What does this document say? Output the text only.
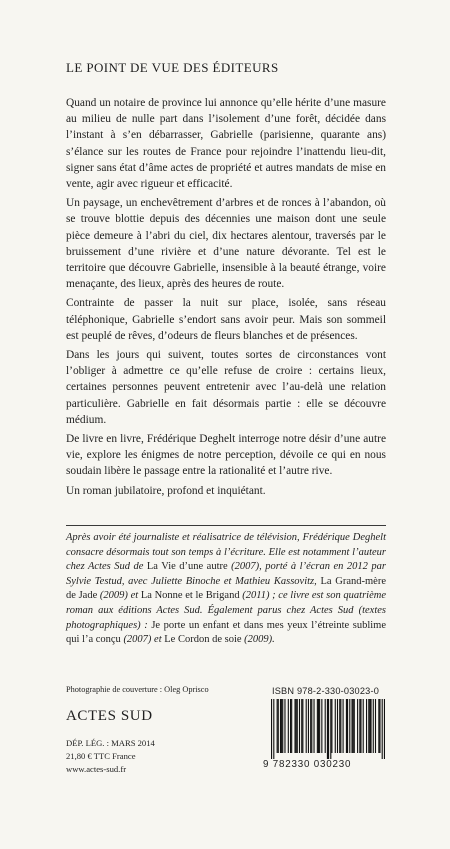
LE POINT DE VUE DES ÉDITEURS

Quand un notaire de province lui annonce qu’elle hérite d’une masure au milieu de nulle part dans l’isolement d’une forêt, décidée dans l’instant à s’en débarrasser, Gabrielle (parisienne, quarante ans) s’élance sur les routes de France pour rejoindre l’inattendu lieu-dit, signer sans état d’âme actes de propriété et autres mandats de mise en vente, agir avec rigueur et efficacité.

Un paysage, un enchevêtrement d’arbres et de ronces à l’abandon, où se trouve blottie depuis des décennies une maison dont une seule pièce demeure à l’abri du ciel, dix hectares alentour, traversés par le bruissement d’une rivière et d’une nature dévorante. Tel est le territoire que découvre Gabrielle, insensible à la beauté étrange, voire menaçante, des lieux, après des heures de route.

Contrainte de passer la nuit sur place, isolée, sans réseau téléphonique, Gabrielle s’endort sans avoir peur. Mais son sommeil est peuplé de rêves, d’odeurs de fleurs blanches et de présences.

Dans les jours qui suivent, toutes sortes de circonstances vont l’obliger à admettre ce qu’elle refuse de croire : certains lieux, certaines personnes peuvent entretenir avec l’au-delà une relation particulière. Gabrielle en fait désormais partie : elle se découvre médium.

De livre en livre, Frédérique Deghelt interroge notre désir d’une autre vie, explore les énigmes de notre perception, dévoile ce qui en nous soudain libère le passage entre la rationalité et l’autre rive.

Un roman jubilatoire, profond et inquiétant.

Après avoir été journaliste et réalisatrice de télévision, Frédérique Deghelt consacre désormais tout son temps à l’écriture. Elle est notamment l’auteur chez Actes Sud de La Vie d’une autre (2007), porté à l’écran en 2012 par Sylvie Testud, avec Juliette Binoche et Mathieu Kassovitz, La Grand-mère de Jade (2009) et La Nonne et le Brigand (2011) ; ce livre est son quatrième roman aux éditions Actes Sud. Également parus chez Actes Sud (textes photographiques) : Je porte un enfant et dans mes yeux l’étreinte sublime qui l’a conçu (2007) et Le Cordon de soie (2009).

Photographie de couverture : Oleg Oprisco
ACTES SUD
DÉP. LÉG. : MARS 2014
21,80 € TTC France
www.actes-sud.fr
ISBN 978-2-330-03023-0
9 782330 030230
